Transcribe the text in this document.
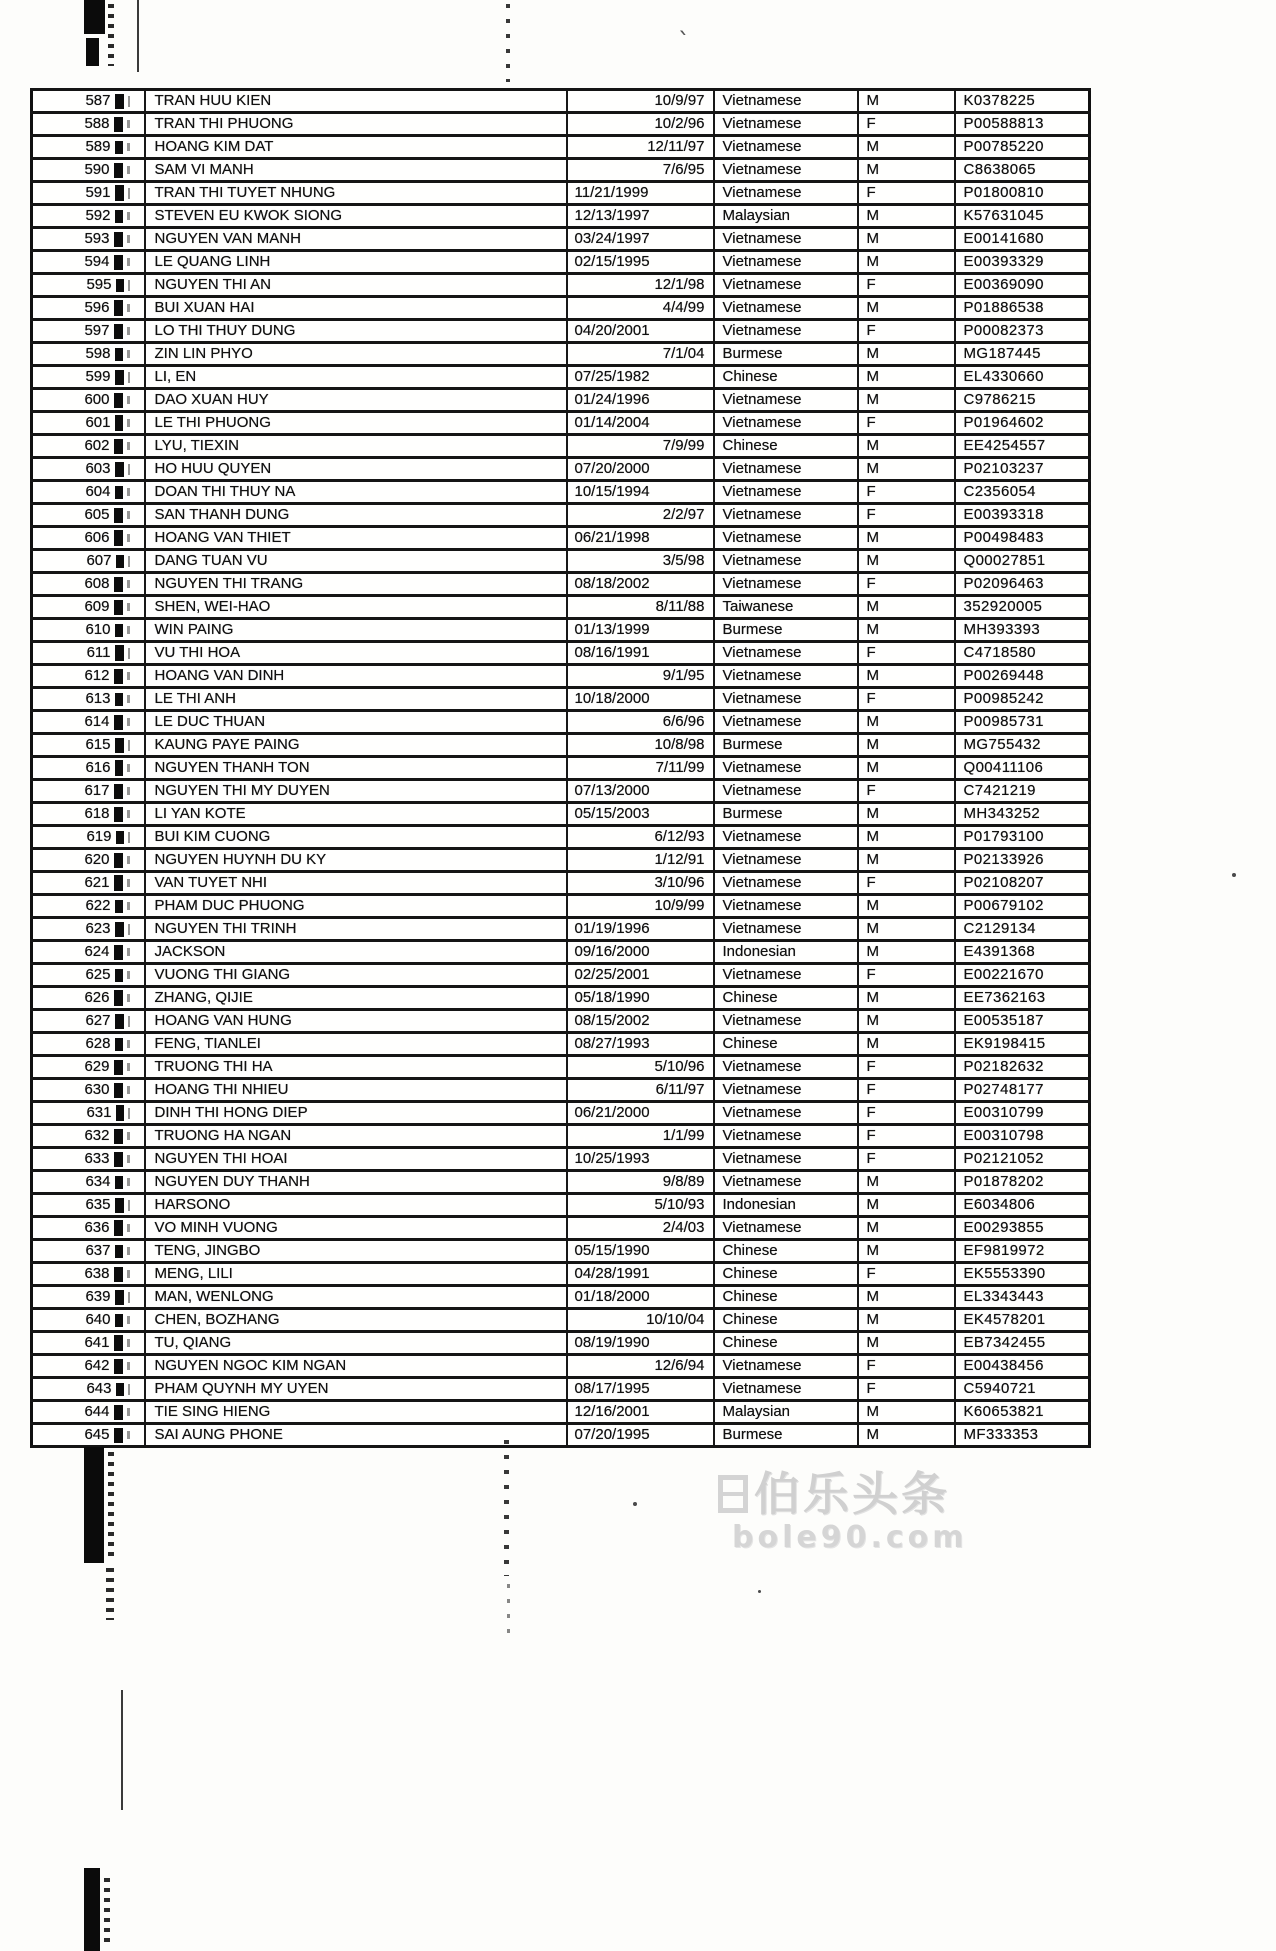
`
587	TRAN HUU KIEN	10/9/97	Vietnamese	M	K0378225

588	TRAN THI PHUONG	10/2/96	Vietnamese	F	P00588813

589	HOANG KIM DAT	12/11/97	Vietnamese	M	P00785220

590	SAM VI MANH	7/6/95	Vietnamese	M	C8638065

591	TRAN THI TUYET NHUNG	11/21/1999	Vietnamese	F	P01800810

592	STEVEN EU KWOK SIONG	12/13/1997	Malaysian	M	K57631045

593	NGUYEN VAN MANH	03/24/1997	Vietnamese	M	E00141680

594	LE QUANG LINH	02/15/1995	Vietnamese	M	E00393329

595	NGUYEN THI AN	12/1/98	Vietnamese	F	E00369090

596	BUI XUAN HAI	4/4/99	Vietnamese	M	P01886538

597	LO THI THUY DUNG	04/20/2001	Vietnamese	F	P00082373

598	ZIN LIN PHYO	7/1/04	Burmese	M	MG187445

599	LI, EN	07/25/1982	Chinese	M	EL4330660

600	DAO XUAN HUY	01/24/1996	Vietnamese	M	C9786215

601	LE THI PHUONG	01/14/2004	Vietnamese	F	P01964602

602	LYU, TIEXIN	7/9/99	Chinese	M	EE4254557

603	HO HUU QUYEN	07/20/2000	Vietnamese	M	P02103237

604	DOAN THI THUY NA	10/15/1994	Vietnamese	F	C2356054

605	SAN THANH DUNG	2/2/97	Vietnamese	F	E00393318

606	HOANG VAN THIET	06/21/1998	Vietnamese	M	P00498483

607	DANG TUAN VU	3/5/98	Vietnamese	M	Q00027851

608	NGUYEN THI TRANG	08/18/2002	Vietnamese	F	P02096463

609	SHEN, WEI-HAO	8/11/88	Taiwanese	M	352920005

610	WIN PAING	01/13/1999	Burmese	M	MH393393

611	VU THI HOA	08/16/1991	Vietnamese	F	C4718580

612	HOANG VAN DINH	9/1/95	Vietnamese	M	P00269448

613	LE THI ANH	10/18/2000	Vietnamese	F	P00985242

614	LE DUC THUAN	6/6/96	Vietnamese	M	P00985731

615	KAUNG PAYE PAING	10/8/98	Burmese	M	MG755432

616	NGUYEN THANH TON	7/11/99	Vietnamese	M	Q00411106

617	NGUYEN THI MY DUYEN	07/13/2000	Vietnamese	F	C7421219

618	LI YAN KOTE	05/15/2003	Burmese	M	MH343252

619	BUI KIM CUONG	6/12/93	Vietnamese	M	P01793100

620	NGUYEN HUYNH DU KY	1/12/91	Vietnamese	M	P02133926

621	VAN TUYET NHI	3/10/96	Vietnamese	F	P02108207

622	PHAM DUC PHUONG	10/9/99	Vietnamese	M	P00679102

623	NGUYEN THI TRINH	01/19/1996	Vietnamese	M	C2129134

624	JACKSON	09/16/2000	Indonesian	M	E4391368

625	VUONG THI GIANG	02/25/2001	Vietnamese	F	E00221670

626	ZHANG, QIJIE	05/18/1990	Chinese	M	EE7362163

627	HOANG VAN HUNG	08/15/2002	Vietnamese	M	E00535187

628	FENG, TIANLEI	08/27/1993	Chinese	M	EK9198415

629	TRUONG THI HA	5/10/96	Vietnamese	F	P02182632

630	HOANG THI NHIEU	6/11/97	Vietnamese	F	P02748177

631	DINH THI HONG DIEP	06/21/2000	Vietnamese	F	E00310799

632	TRUONG HA NGAN	1/1/99	Vietnamese	F	E00310798

633	NGUYEN THI HOAI	10/25/1993	Vietnamese	F	P02121052

634	NGUYEN DUY THANH	9/8/89	Vietnamese	M	P01878202

635	HARSONO	5/10/93	Indonesian	M	E6034806

636	VO MINH VUONG	2/4/03	Vietnamese	M	E00293855

637	TENG, JINGBO	05/15/1990	Chinese	M	EF9819972

638	MENG, LILI	04/28/1991	Chinese	F	EK5553390

639	MAN, WENLONG	01/18/2000	Chinese	M	EL3343443

640	CHEN, BOZHANG	10/10/04	Chinese	M	EK4578201

641	TU, QIANG	08/19/1990	Chinese	M	EB7342455

642	NGUYEN NGOC KIM NGAN	12/6/94	Vietnamese	F	E00438456

643	PHAM QUYNH MY UYEN	08/17/1995	Vietnamese	F	C5940721

644	TIE SING HIENG	12/16/2001	Malaysian	M	K60653821

645	SAI AUNG PHONE	07/20/1995	Burmese	M	MF333353
伯乐头条
bole90.com
